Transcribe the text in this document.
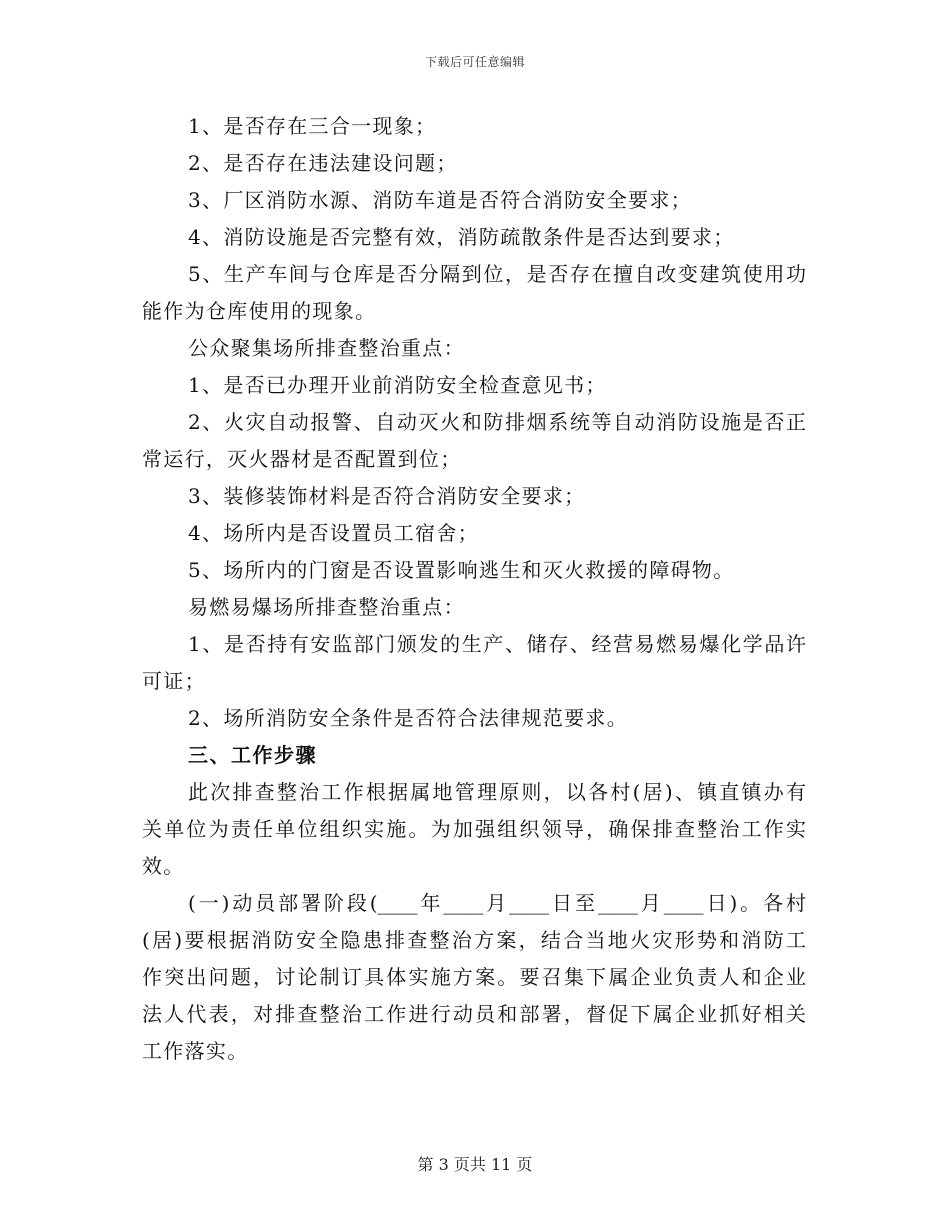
下载后可任意编辑
1、是否存在三合一现象；
2、是否存在违法建设问题；
3、厂区消防水源、消防车道是否符合消防安全要求；
4、消防设施是否完整有效，消防疏散条件是否达到要求；
5、生产车间与仓库是否分隔到位，是否存在擅自改变建筑使用功
能作为仓库使用的现象。
公众聚集场所排查整治重点：
1、是否已办理开业前消防安全检查意见书；
2、火灾自动报警、自动灭火和防排烟系统等自动消防设施是否正
常运行，灭火器材是否配置到位；
3、装修装饰材料是否符合消防安全要求；
4、场所内是否设置员工宿舍；
5、场所内的门窗是否设置影响逃生和灭火救援的障碍物。
易燃易爆场所排查整治重点：
1、是否持有安监部门颁发的生产、储存、经营易燃易爆化学品许
可证；
2、场所消防安全条件是否符合法律规范要求。
三、工作步骤
此次排查整治工作根据属地管理原则，以各村(居)、镇直镇办有
关单位为责任单位组织实施。为加强组织领导，确保排查整治工作实
效。
(一)动员部署阶段(____年____月____日至____月____日)。各村
(居)要根据消防安全隐患排查整治方案，结合当地火灾形势和消防工
作突出问题，讨论制订具体实施方案。要召集下属企业负责人和企业
法人代表，对排查整治工作进行动员和部署，督促下属企业抓好相关
工作落实。
第 3 页共 11 页
